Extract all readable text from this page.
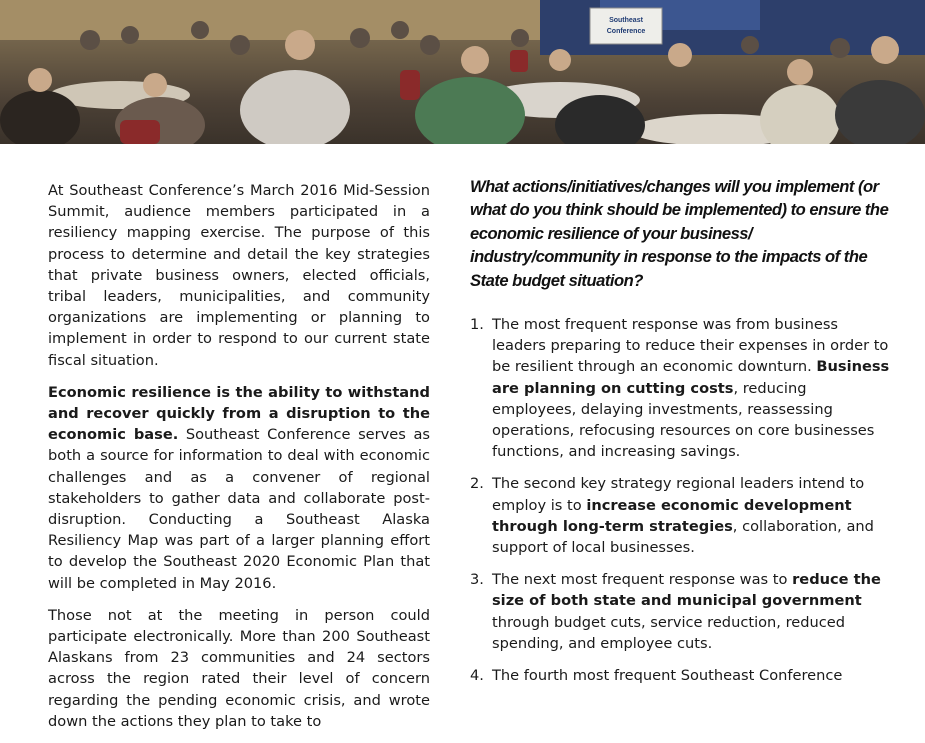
Southeast
Conference

At Southeast Conference’s March 2016 Mid-Session Summit, audience members participated in a resiliency mapping exercise. The purpose of this process to determine and detail the key strategies that private business owners, elected officials, tribal leaders, municipalities, and community organizations are implementing or planning to implement in order to respond to our current state fiscal situation.

Economic resilience is the ability to withstand and recover quickly from a disruption to the economic base. Southeast Conference serves as both a source for information to deal with economic challenges and as a convener of regional stakeholders to gather data and collaborate post-disruption. Conducting a Southeast Alaska Resiliency Map was part of a larger planning effort to develop the Southeast 2020 Economic Plan that will be completed in May 2016.

Those not at the meeting in person could participate electronically. More than 200 Southeast Alaskans from 23 communities and 24 sectors across the region rated their level of concern regarding the pending economic crisis, and wrote down the actions they plan to take to

What actions/initiatives/changes will you implement (or what do you think should be implemented) to ensure the economic resilience of your business/ industry/community in response to the impacts of the State budget situation?

1. The most frequent response was from business leaders preparing to reduce their expenses in order to be resilient through an economic downturn. Business are planning on cutting costs, reducing employees, delaying investments, reassessing operations, refocusing resources on core businesses functions, and increasing savings.
2. The second key strategy regional leaders intend to employ is to increase economic development through long-term strategies, collaboration, and support of local businesses.
3. The next most frequent response was to reduce the size of both state and municipal government through budget cuts, service reduction, reduced spending, and employee cuts.
4. The fourth most frequent Southeast Conference
